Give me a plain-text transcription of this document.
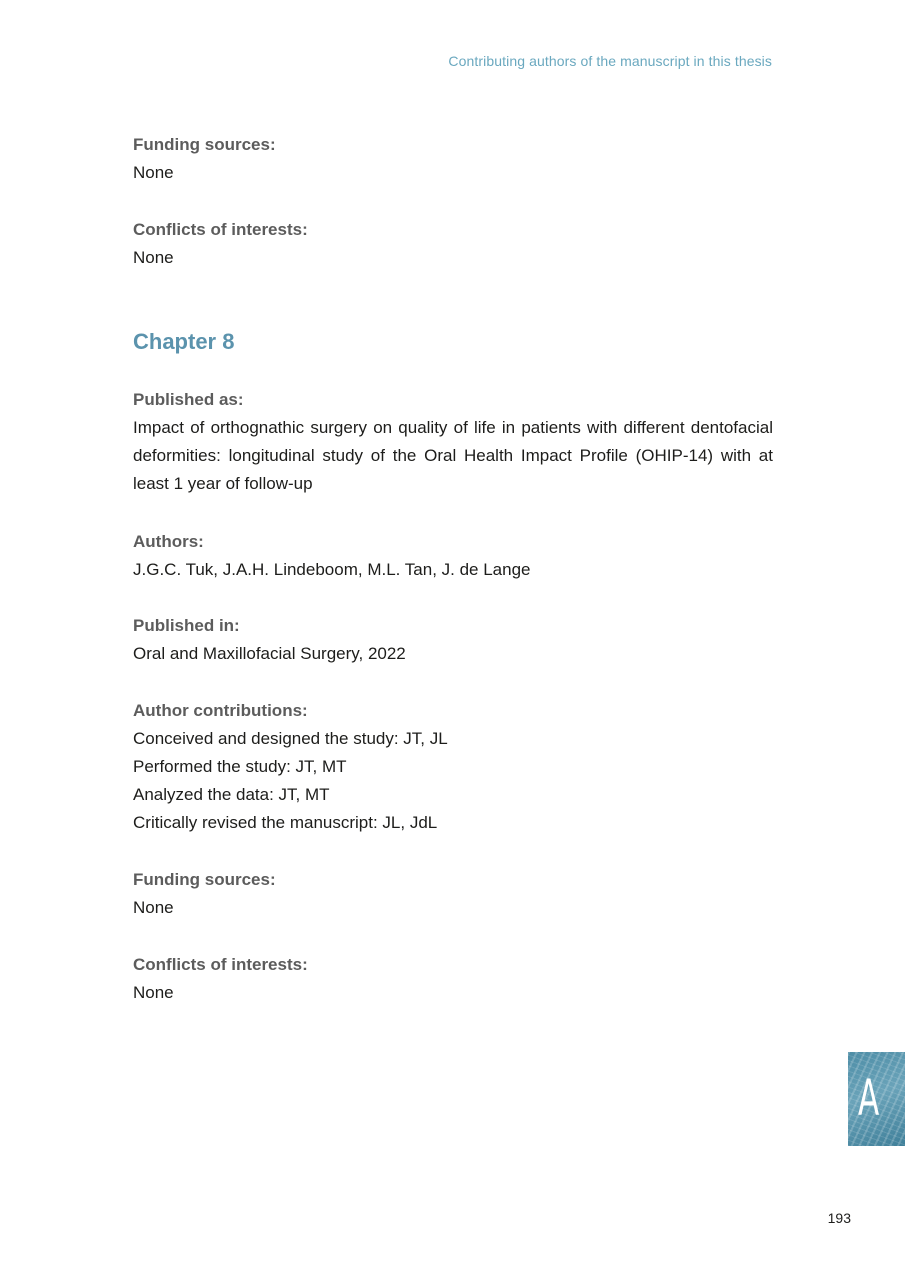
Contributing authors of the manuscript in this thesis
Funding sources:
None
Conflicts of interests:
None
Chapter 8
Published as:
Impact of orthognathic surgery on quality of life in patients with different dentofacial deformities: longitudinal study of the Oral Health Impact Profile (OHIP-14) with at least 1 year of follow-up
Authors:
J.G.C. Tuk, J.A.H. Lindeboom, M.L. Tan, J. de Lange
Published in:
Oral and Maxillofacial Surgery, 2022
Author contributions:
Conceived and designed the study: JT, JL
Performed the study: JT, MT
Analyzed the data: JT, MT
Critically revised the manuscript: JL, JdL
Funding sources:
None
Conflicts of interests:
None
A
193
